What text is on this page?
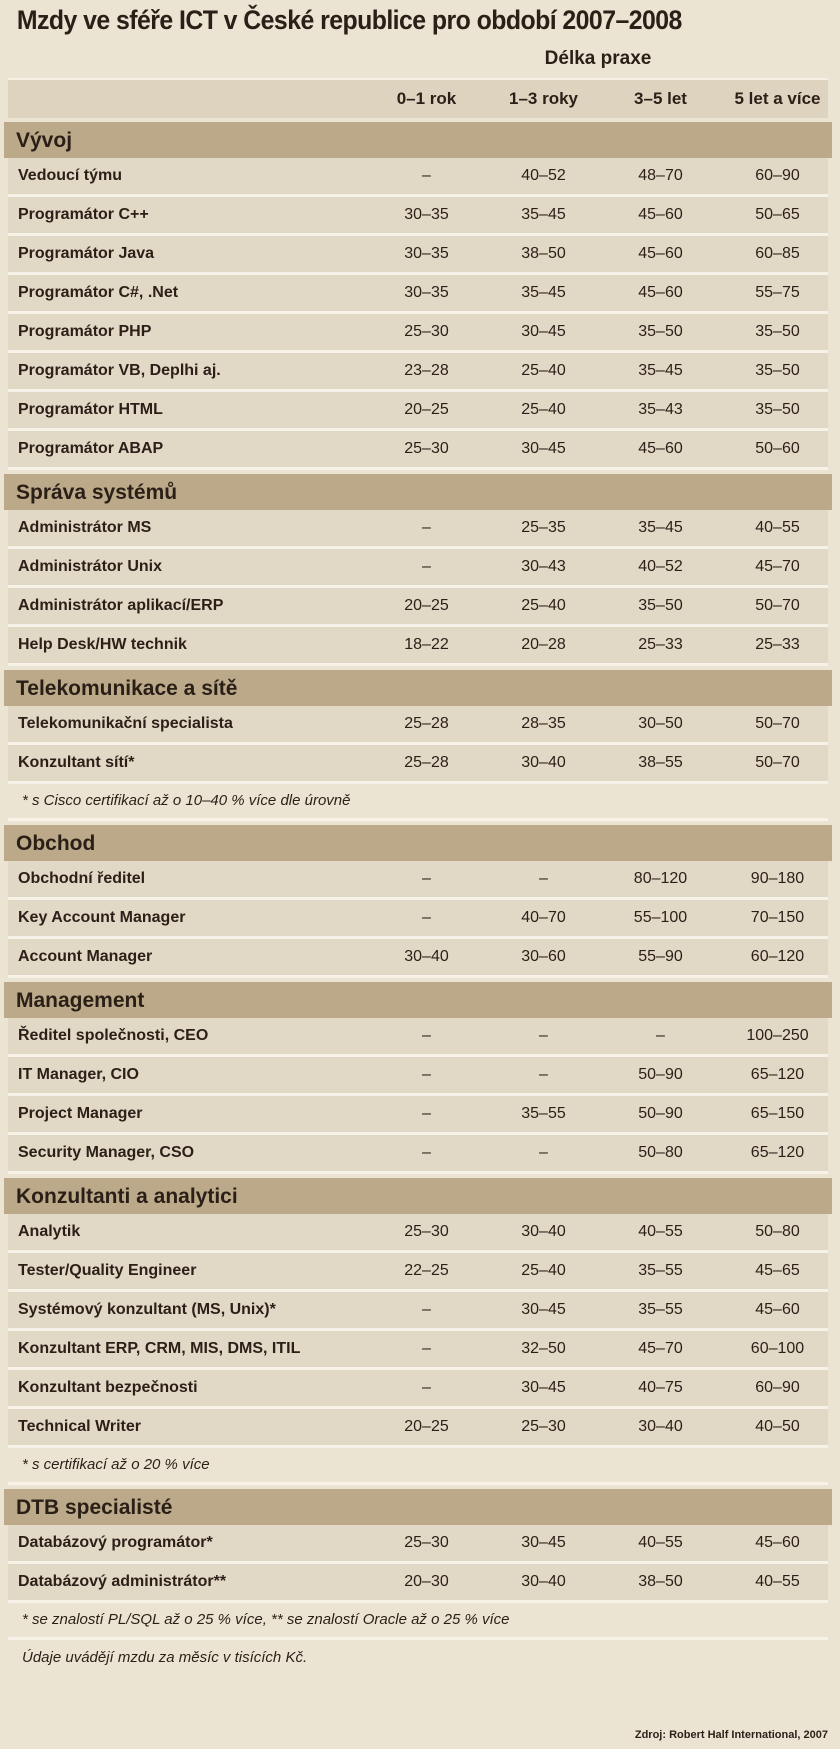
Mzdy ve sféře ICT v České republice pro období 2007–2008
Délka praxe
0–1 rok	1–3 roky	3–5 let	5 let a více
Vývoj
Vedoucí týmu	–	40–52	48–70	60–90
Programátor C++	30–35	35–45	45–60	50–65
Programátor Java	30–35	38–50	45–60	60–85
Programátor C#, .Net	30–35	35–45	45–60	55–75
Programátor PHP	25–30	30–45	35–50	35–50
Programátor VB, Deplhi aj.	23–28	25–40	35–45	35–50
Programátor HTML	20–25	25–40	35–43	35–50
Programátor ABAP	25–30	30–45	45–60	50–60
Správa systémů
Administrátor MS	–	25–35	35–45	40–55
Administrátor Unix	–	30–43	40–52	45–70
Administrátor aplikací/ERP	20–25	25–40	35–50	50–70
Help Desk/HW technik	18–22	20–28	25–33	25–33
Telekomunikace a sítě
Telekomunikační specialista	25–28	28–35	30–50	50–70
Konzultant sítí*	25–28	30–40	38–55	50–70
* s Cisco certifikací až o 10–40 % více dle úrovně
Obchod
Obchodní ředitel	–	–	80–120	90–180
Key Account Manager	–	40–70	55–100	70–150
Account Manager	30–40	30–60	55–90	60–120
Management
Ředitel společnosti, CEO	–	–	–	100–250
IT Manager, CIO	–	–	50–90	65–120
Project Manager	–	35–55	50–90	65–150
Security Manager, CSO	–	–	50–80	65–120
Konzultanti a analytici
Analytik	25–30	30–40	40–55	50–80
Tester/Quality Engineer	22–25	25–40	35–55	45–65
Systémový konzultant (MS, Unix)*	–	30–45	35–55	45–60
Konzultant ERP, CRM, MIS, DMS, ITIL	–	32–50	45–70	60–100
Konzultant bezpečnosti	–	30–45	40–75	60–90
Technical Writer	20–25	25–30	30–40	40–50
* s certifikací až o 20 % více
DTB specialisté
Databázový programátor*	25–30	30–45	40–55	45–60
Databázový administrátor**	20–30	30–40	38–50	40–55
* se znalostí PL/SQL až o 25 % více, ** se znalostí Oracle až o 25 % více
Údaje uvádějí mzdu za měsíc v tisících Kč.
Zdroj: Robert Half International, 2007
